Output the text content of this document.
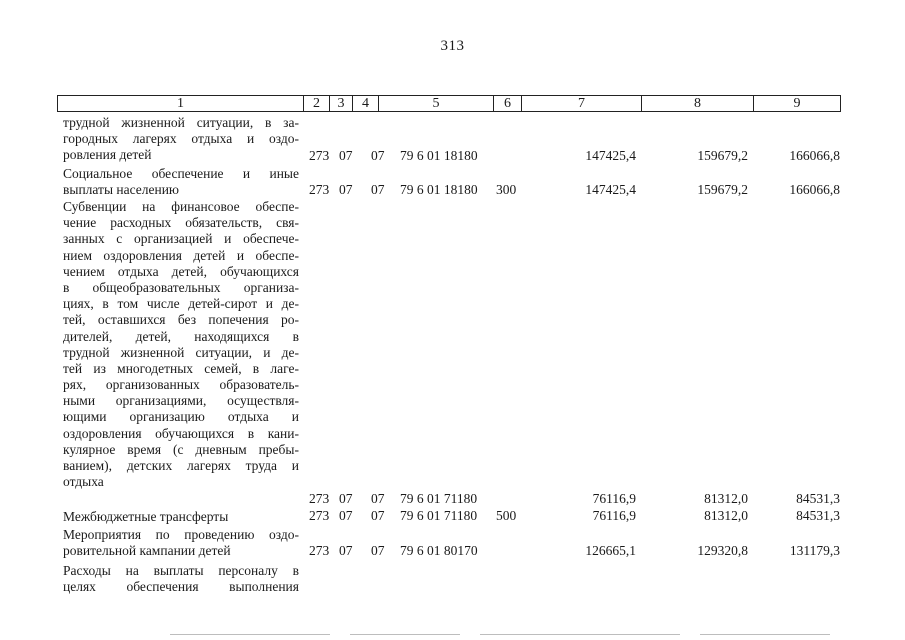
313
1	2	3	4	5	6	7	8	9
трудной жизненной ситуации, в за-
городных лагерях отдыха и оздо-
ровления детей	273 07 07 79 6 01 18180	147425,4	159679,2	166066,8
Социальное обеспечение и иные
выплаты населению	273 07 07 79 6 01 18180 300	147425,4	159679,2	166066,8
Субвенции на финансовое обеспе-
чение расходных обязательств, свя-
занных с организацией и обеспече-
нием оздоровления детей и обеспе-
чением отдыха детей, обучающихся
в общеобразовательных организа-
циях, в том числе детей-сирот и де-
тей, оставшихся без попечения ро-
дителей, детей, находящихся в
трудной жизненной ситуации, и де-
тей из многодетных семей, в лаге-
рях, организованных образователь-
ными организациями, осуществля-
ющими организацию отдыха и
оздоровления обучающихся в кани-
кулярное время (с дневным пребы-
ванием), детских лагерях труда и
отдыха
273 07 07 79 6 01 71180	76116,9	81312,0	84531,3
Межбюджетные трансферты	273 07 07 79 6 01 71180 500	76116,9	81312,0	84531,3
Мероприятия по проведению оздо-
ровительной кампании детей	273 07 07 79 6 01 80170	126665,1	129320,8	131179,3
Расходы на выплаты персоналу в
целях обеспечения выполнения
